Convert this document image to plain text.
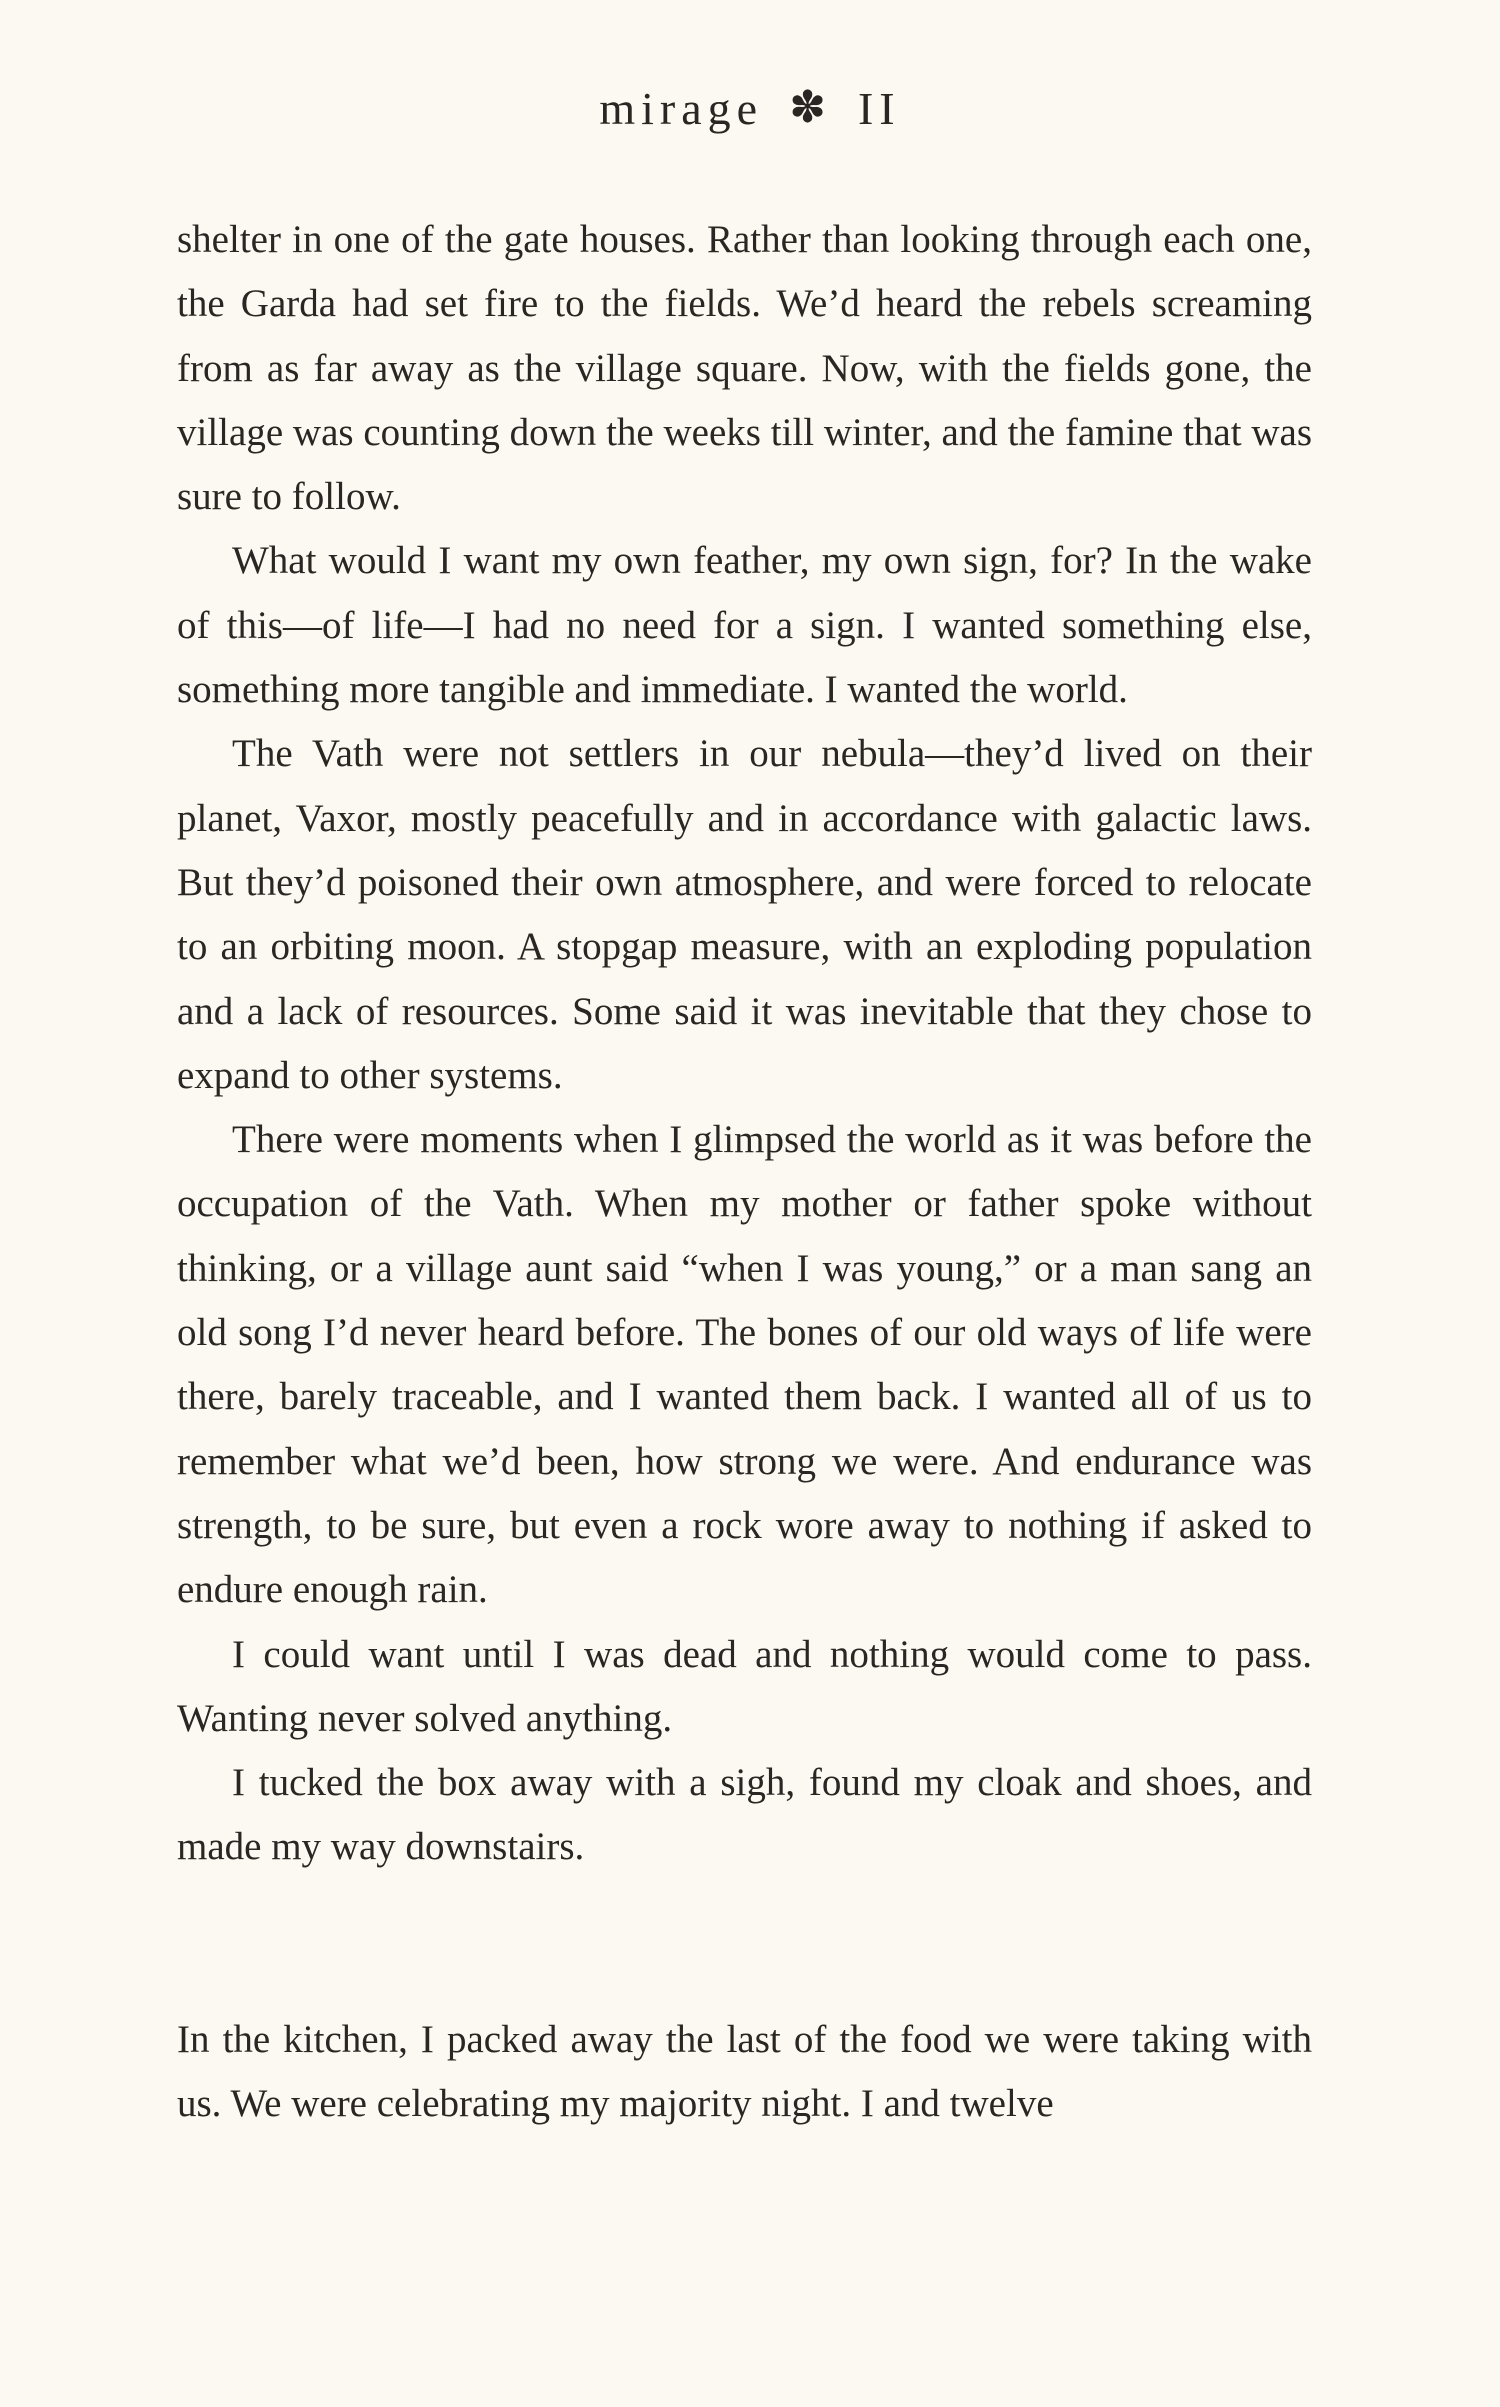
mirage ✽ II

shelter in one of the gate houses. Rather than looking through each one, the Garda had set fire to the fields. We’d heard the rebels screaming from as far away as the village square. Now, with the fields gone, the village was counting down the weeks till winter, and the famine that was sure to follow.

What would I want my own feather, my own sign, for? In the wake of this—of life—I had no need for a sign. I wanted something else, something more tangible and immediate. I wanted the world.

The Vath were not settlers in our nebula—they’d lived on their planet, Vaxor, mostly peacefully and in accordance with galactic laws. But they’d poisoned their own atmosphere, and were forced to relocate to an orbiting moon. A stopgap measure, with an exploding population and a lack of resources. Some said it was inevitable that they chose to expand to other systems.

There were moments when I glimpsed the world as it was before the occupation of the Vath. When my mother or father spoke without thinking, or a village aunt said “when I was young,” or a man sang an old song I’d never heard before. The bones of our old ways of life were there, barely traceable, and I wanted them back. I wanted all of us to remember what we’d been, how strong we were. And endurance was strength, to be sure, but even a rock wore away to nothing if asked to endure enough rain.

I could want until I was dead and nothing would come to pass. Wanting never solved anything.

I tucked the box away with a sigh, found my cloak and shoes, and made my way downstairs.

In the kitchen, I packed away the last of the food we were taking with us. We were celebrating my majority night. I and twelve
